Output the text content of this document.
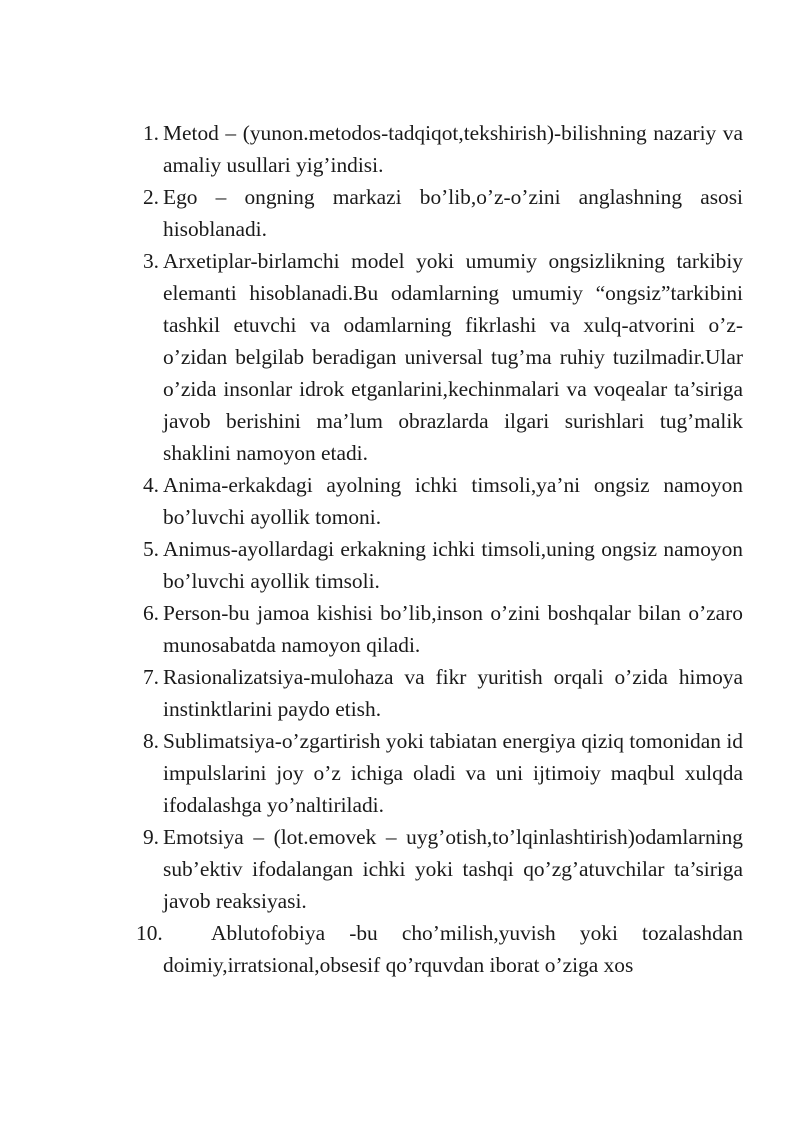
1. Metod – (yunon.metodos-tadqiqot,tekshirish)-bilishning nazariy va amaliy usullari yig’indisi.
2. Ego – ongning markazi bo’lib,o’z-o’zini anglashning asosi hisoblanadi.
3. Arxetiplar-birlamchi model yoki umumiy ongsizlikning tarkibiy elemanti hisoblanadi.Bu odamlarning umumiy “ongsiz”tarkibini tashkil etuvchi va odamlarning fikrlashi va xulq-atvorini o’z-o’zidan belgilab beradigan universal tug’ma ruhiy tuzilmadir.Ular o’zida insonlar idrok etganlarini,kechinmalari va voqealar ta’siriga javob berishini ma’lum obrazlarda ilgari surishlari tug’malik shaklini namoyon etadi.
4. Anima-erkakdagi ayolning ichki timsoli,ya’ni ongsiz namoyon bo’luvchi ayollik tomoni.
5. Animus-ayollardagi erkakning ichki timsoli,uning ongsiz namoyon bo’luvchi ayollik timsoli.
6. Person-bu jamoa kishisi bo’lib,inson o’zini boshqalar bilan o’zaro munosabatda namoyon qiladi.
7. Rasionalizatsiya-mulohaza va fikr yuritish orqali o’zida himoya instinktlarini paydo etish.
8. Sublimatsiya-o’zgartirish yoki tabiatan energiya qiziq tomonidan id impulslarini joy o’z ichiga oladi va uni ijtimoiy maqbul xulqda ifodalashga yo’naltiriladi.
9. Emotsiya – (lot.emovek – uyg’otish,to’lqinlashtirish)odamlarning sub’ektiv ifodalangan ichki yoki tashqi qo’zg’atuvchilar ta’siriga javob reaksiyasi.
10.	Ablutofobiya -bu cho’milish,yuvish yoki tozalashdan doimiy,irratsional,obsesif qo’rquvdan iborat o’ziga xos
